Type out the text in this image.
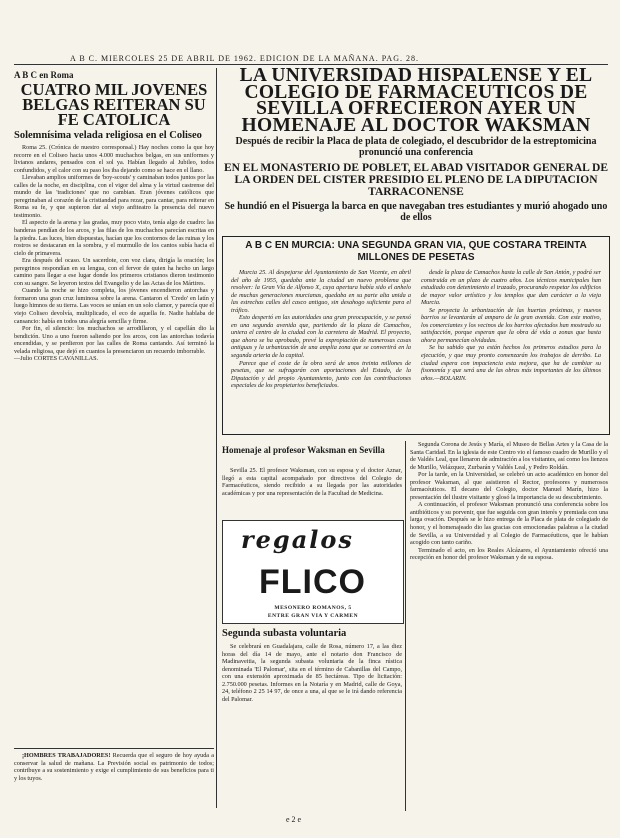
A B C. MIERCOLES 25 DE ABRIL DE 1962. EDICION DE LA MAÑANA. PAG. 28.
A B C en Roma
CUATRO MIL JOVENES BELGAS REITERAN SU FE CATOLICA
Solemnísima velada religiosa en el Coliseo

Roma 25. (Crónica de nuestro corresponsal.) Hay noches como la que hoy recorre en el Coliseo hacia unos 4.000 muchachos belgas, en sus uniformes y livianos andares, pensados con el sol ya. Habían llegado al Jubileo, todos confundidos, y el calor con su paso los iba dejando como se hace en el llano.

Llevaban amplios uniformes de 'boy-scouts' y caminaban todos juntos por las calles de la noche, en disciplina, con el vigor del alma y la virtud castrense del mundo de las 'tradiciones' que no cambian. Eran jóvenes católicos que peregrinaban al corazón de la cristiandad para rezar, para cantar, para reiterar en Roma su fe, y que supieron dar al viejo anfiteatro la presencia del nuevo testimonio.

El aspecto de la arena y las gradas, muy poco visto, tenía algo de cuadro: las banderas pendían de los arcos, y las filas de los muchachos parecían escritas en la piedra. Las luces, bien dispuestas, hacían que los contornos de las ruinas y los rostros se destacaran en la sombra, y el murmullo de los cantos subía hacia el cielo de primavera.

Era después del ocaso. Un sacerdote, con voz clara, dirigía la oración; los peregrinos respondían en su lengua, con el fervor de quien ha hecho un largo camino para llegar a ese lugar donde los primeros cristianos dieron testimonio con su sangre. Se leyeron textos del Evangelio y de las Actas de los Mártires.

Cuando la noche se hizo completa, los jóvenes encendieron antorchas y formaron una gran cruz luminosa sobre la arena. Cantaron el 'Credo' en latín y luego himnos de su tierra. Las voces se unían en un solo clamor, y parecía que el viejo Coliseo devolvía, multiplicado, el eco de aquella fe. Nadie hablaba de cansancio: había en todos una alegría sencilla y firme.

Por fin, el silencio: los muchachos se arrodillaron, y el capellán dio la bendición. Uno a uno fueron saliendo por los arcos, con las antorchas todavía encendidas, y se perdieron por las calles de Roma cantando. Así terminó la velada religiosa, que dejó en cuantos la presenciaron un recuerdo imborrable.

—Julio CORTES CAVANILLAS.

¡HOMBRES TRABAJADORES! Recuerda que el seguro de hoy ayuda a conservar la salud de mañana. La Previsión social es patrimonio de todos; contribuye a su sostenimiento y exige el cumplimiento de sus beneficios para ti y los tuyos.

LA UNIVERSIDAD HISPALENSE Y EL COLEGIO DE FARMACEUTICOS DE SEVILLA OFRECIERON AYER UN HOMENAJE AL DOCTOR WAKSMAN
Después de recibir la Placa de plata de colegiado, el descubridor de la estreptomicina pronunció una conferencia
EN EL MONASTERIO DE POBLET, EL ABAD VISITADOR GENERAL DE LA ORDEN DEL CISTER PRESIDIO EL PLENO DE LA DIPUTACION TARRACONENSE
Se hundió en el Pisuerga la barca en que navegaban tres estudiantes y murió ahogado uno de ellos
A B C EN MURCIA: UNA SEGUNDA GRAN VIA, QUE COSTARA TREINTA MILLONES DE PESETAS

Murcia 25. Al despejarse del Ayuntamiento de San Vicente, en abril del año de 1955, quedaba ante la ciudad un nuevo problema que resolver: la Gran Vía de Alfonso X, cuya apertura había sido el anhelo de muchas generaciones murcianas, quedaba en su parte alta unida a las estrechas calles del casco antiguo, sin desahogo suficiente para el tráfico.

Esto despertó en las autoridades una gran preocupación, y se pensó en una segunda avenida que, partiendo de la plaza de Camachos, uniera el centro de la ciudad con la carretera de Madrid. El proyecto, que ahora se ha aprobado, prevé la expropiación de numerosas casas antiguas y la urbanización de una amplia zona que se convertirá en la segunda arteria de la capital.

Parece que el coste de la obra será de unos treinta millones de pesetas, que se sufragarán con aportaciones del Estado, de la Diputación y del propio Ayuntamiento, junto con las contribuciones especiales de los propietarios beneficiados.

desde la plaza de Camachos hasta la calle de San Antón, y podrá ser construida en un plazo de cuatro años. Los técnicos municipales han estudiado con detenimiento el trazado, procurando respetar los edificios de mayor valor artístico y los templos que dan carácter a la vieja Murcia.

Se proyecta la urbanización de las huertas próximas, y nuevos barrios se levantarán al amparo de la gran avenida. Con este motivo, los comerciantes y los vecinos de los barrios afectados han mostrado su satisfacción, porque esperan que la obra dé vida a zonas que hasta ahora permanecían olvidadas.

Se ha sabido que ya están hechos los primeros estudios para la ejecución, y que muy pronto comenzarán los trabajos de derribo. La ciudad espera con impaciencia esta mejora, que ha de cambiar su fisonomía y que será una de las obras más importantes de los últimos años.—BOLARIN.

Homenaje al profesor Waksman en Sevilla

Sevilla 25. El profesor Waksman, con su esposa y el doctor Aznar, llegó a esta capital acompañado por directivos del Colegio de Farmacéuticos, siendo recibido a su llegada por las autoridades académicas y por una representación de la Facultad de Medicina.

regalos
FLICO
MESONERO ROMANOS, 5
ENTRE GRAN VIA Y CARMEN
Segunda subasta voluntaria

Se celebrará en Guadalajara, calle de Rosa, número 17, a las diez horas del día 14 de mayo, ante el notario don Francisco de Madinaveitia, la segunda subasta voluntaria de la finca rústica denominada 'El Palomar', sita en el término de Cabanillas del Campo, con una extensión aproximada de 85 hectáreas. Tipo de licitación: 2.750.000 pesetas. Informes en la Notaría y en Madrid, calle de Goya, 24, teléfono 2 25 14 97, de once a una, al que se le irá dando referencia del Palomar.

Segunda Corona de Jesús y María, el Museo de Bellas Artes y la Casa de la Santa Caridad. En la iglesia de este Centro vio el famoso cuadro de Murillo y el de Valdés Leal, que llenaron de admiración a los visitantes, así como los lienzos de Murillo, Velázquez, Zurbarán y Valdés Leal, y Pedro Roldán.

Por la tarde, en la Universidad, se celebró un acto académico en honor del profesor Waksman, al que asistieron el Rector, profesores y numerosos farmacéuticos. El decano del Colegio, doctor Manuel Marín, hizo la presentación del ilustre visitante y glosó la importancia de su descubrimiento.

A continuación, el profesor Waksman pronunció una conferencia sobre los antibióticos y su porvenir, que fue seguida con gran interés y premiada con una larga ovación. Después se le hizo entrega de la Placa de plata de colegiado de honor, y el homenajeado dio las gracias con emocionadas palabras a la ciudad de Sevilla, a su Universidad y al Colegio de Farmacéuticos, que le habían acogido con tanto cariño.

Terminado el acto, en los Reales Alcázares, el Ayuntamiento ofreció una recepción en honor del profesor Waksman y de su esposa.

e 2 e
